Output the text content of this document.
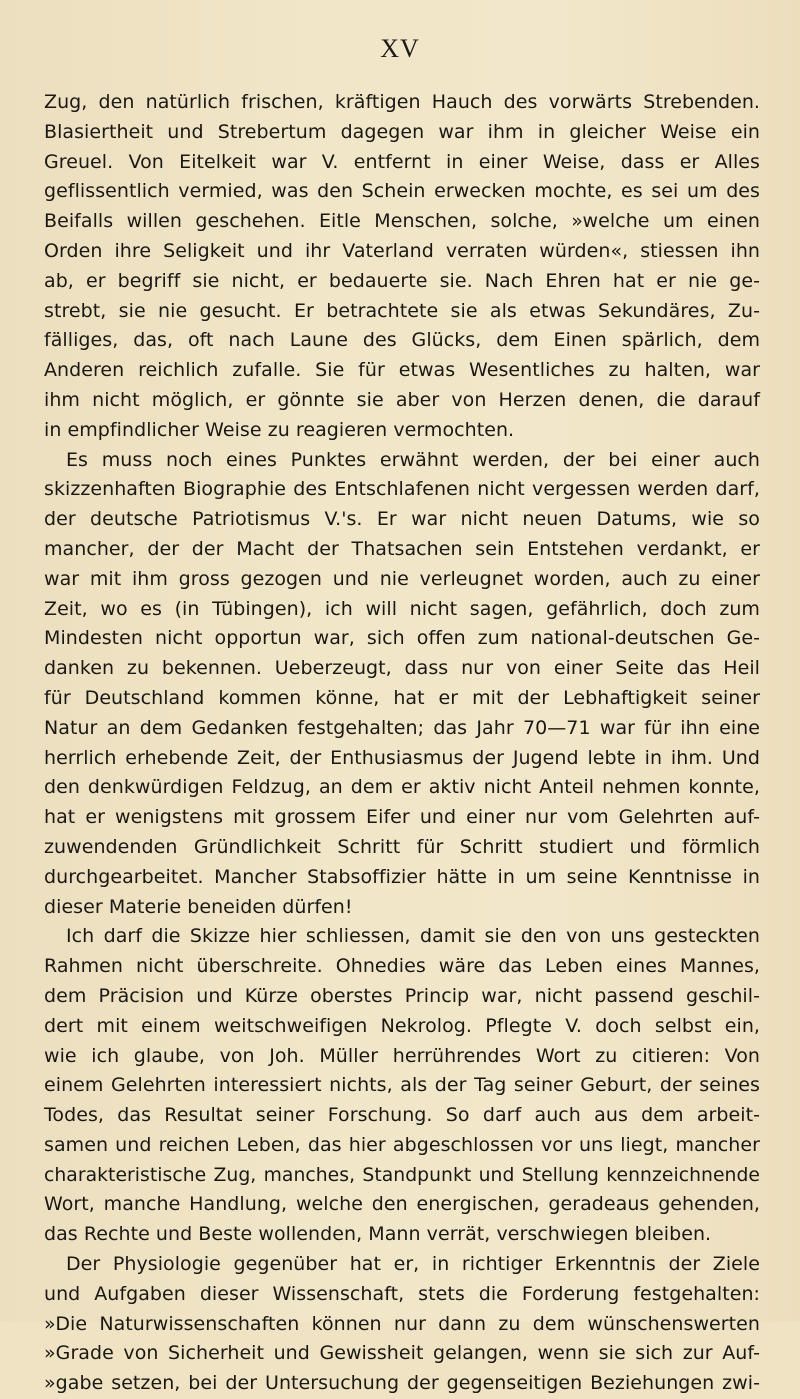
XV
Zug, den natürlich frischen, kräftigen Hauch des vorwärts Strebenden.
Blasiertheit und Strebertum dagegen war ihm in gleicher Weise ein
Greuel. Von Eitelkeit war V. entfernt in einer Weise, dass er Alles
geflissentlich vermied, was den Schein erwecken mochte, es sei um des
Beifalls willen geschehen. Eitle Menschen, solche, »welche um einen
Orden ihre Seligkeit und ihr Vaterland verraten würden«, stiessen ihn
ab, er begriff sie nicht, er bedauerte sie. Nach Ehren hat er nie ge-
strebt, sie nie gesucht. Er betrachtete sie als etwas Sekundäres, Zu-
fälliges, das, oft nach Laune des Glücks, dem Einen spärlich, dem
Anderen reichlich zufalle. Sie für etwas Wesentliches zu halten, war
ihm nicht möglich, er gönnte sie aber von Herzen denen, die darauf
in empfindlicher Weise zu reagieren vermochten.
Es muss noch eines Punktes erwähnt werden, der bei einer auch
skizzenhaften Biographie des Entschlafenen nicht vergessen werden darf,
der deutsche Patriotismus V.'s. Er war nicht neuen Datums, wie so
mancher, der der Macht der Thatsachen sein Entstehen verdankt, er
war mit ihm gross gezogen und nie verleugnet worden, auch zu einer
Zeit, wo es (in Tübingen), ich will nicht sagen, gefährlich, doch zum
Mindesten nicht opportun war, sich offen zum national-deutschen Ge-
danken zu bekennen. Ueberzeugt, dass nur von einer Seite das Heil
für Deutschland kommen könne, hat er mit der Lebhaftigkeit seiner
Natur an dem Gedanken festgehalten; das Jahr 70—71 war für ihn eine
herrlich erhebende Zeit, der Enthusiasmus der Jugend lebte in ihm. Und
den denkwürdigen Feldzug, an dem er aktiv nicht Anteil nehmen konnte,
hat er wenigstens mit grossem Eifer und einer nur vom Gelehrten auf-
zuwendenden Gründlichkeit Schritt für Schritt studiert und förmlich
durchgearbeitet. Mancher Stabsoffizier hätte in um seine Kenntnisse in
dieser Materie beneiden dürfen!
Ich darf die Skizze hier schliessen, damit sie den von uns gesteckten
Rahmen nicht überschreite. Ohnedies wäre das Leben eines Mannes,
dem Präcision und Kürze oberstes Princip war, nicht passend geschil-
dert mit einem weitschweifigen Nekrolog. Pflegte V. doch selbst ein,
wie ich glaube, von Joh. Müller herrührendes Wort zu citieren: Von
einem Gelehrten interessiert nichts, als der Tag seiner Geburt, der seines
Todes, das Resultat seiner Forschung. So darf auch aus dem arbeit-
samen und reichen Leben, das hier abgeschlossen vor uns liegt, mancher
charakteristische Zug, manches, Standpunkt und Stellung kennzeichnende
Wort, manche Handlung, welche den energischen, geradeaus gehenden,
das Rechte und Beste wollenden, Mann verrät, verschwiegen bleiben.
Der Physiologie gegenüber hat er, in richtiger Erkenntnis der Ziele
und Aufgaben dieser Wissenschaft, stets die Forderung festgehalten:
»Die Naturwissenschaften können nur dann zu dem wünschenswerten
»Grade von Sicherheit und Gewissheit gelangen, wenn sie sich zur Auf-
»gabe setzen, bei der Untersuchung der gegenseitigen Beziehungen zwi-
